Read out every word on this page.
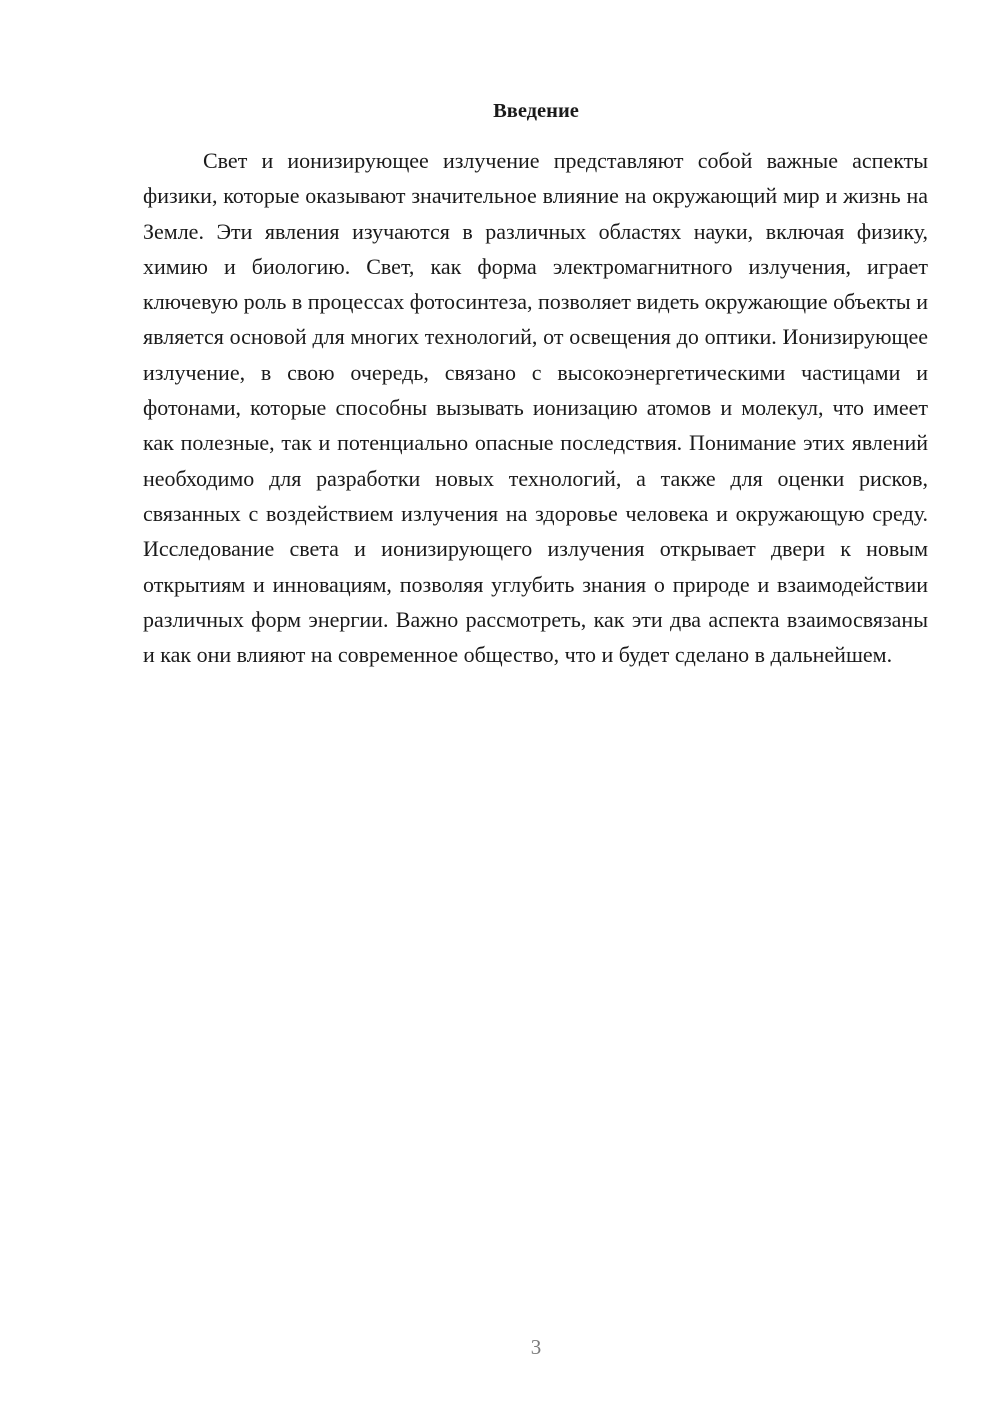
Введение

Свет и ионизирующее излучение представляют собой важные аспекты физики, которые оказывают значительное влияние на окружающий мир и жизнь на Земле. Эти явления изучаются в различных областях науки, включая физику, химию и биологию. Свет, как форма электромагнитного излучения, играет ключевую роль в процессах фотосинтеза, позволяет видеть окружающие объекты и является основой для многих технологий, от освещения до оптики. Ионизирующее излучение, в свою очередь, связано с высокоэнергетическими частицами и фотонами, которые способны вызывать ионизацию атомов и молекул, что имеет как полезные, так и потенциально опасные последствия. Понимание этих явлений необходимо для разработки новых технологий, а также для оценки рисков, связанных с воздействием излучения на здоровье человека и окружающую среду. Исследование света и ионизирующего излучения открывает двери к новым открытиям и инновациям, позволяя углубить знания о природе и взаимодействии различных форм энергии. Важно рассмотреть, как эти два аспекта взаимосвязаны и как они влияют на современное общество, что и будет сделано в дальнейшем.

3
